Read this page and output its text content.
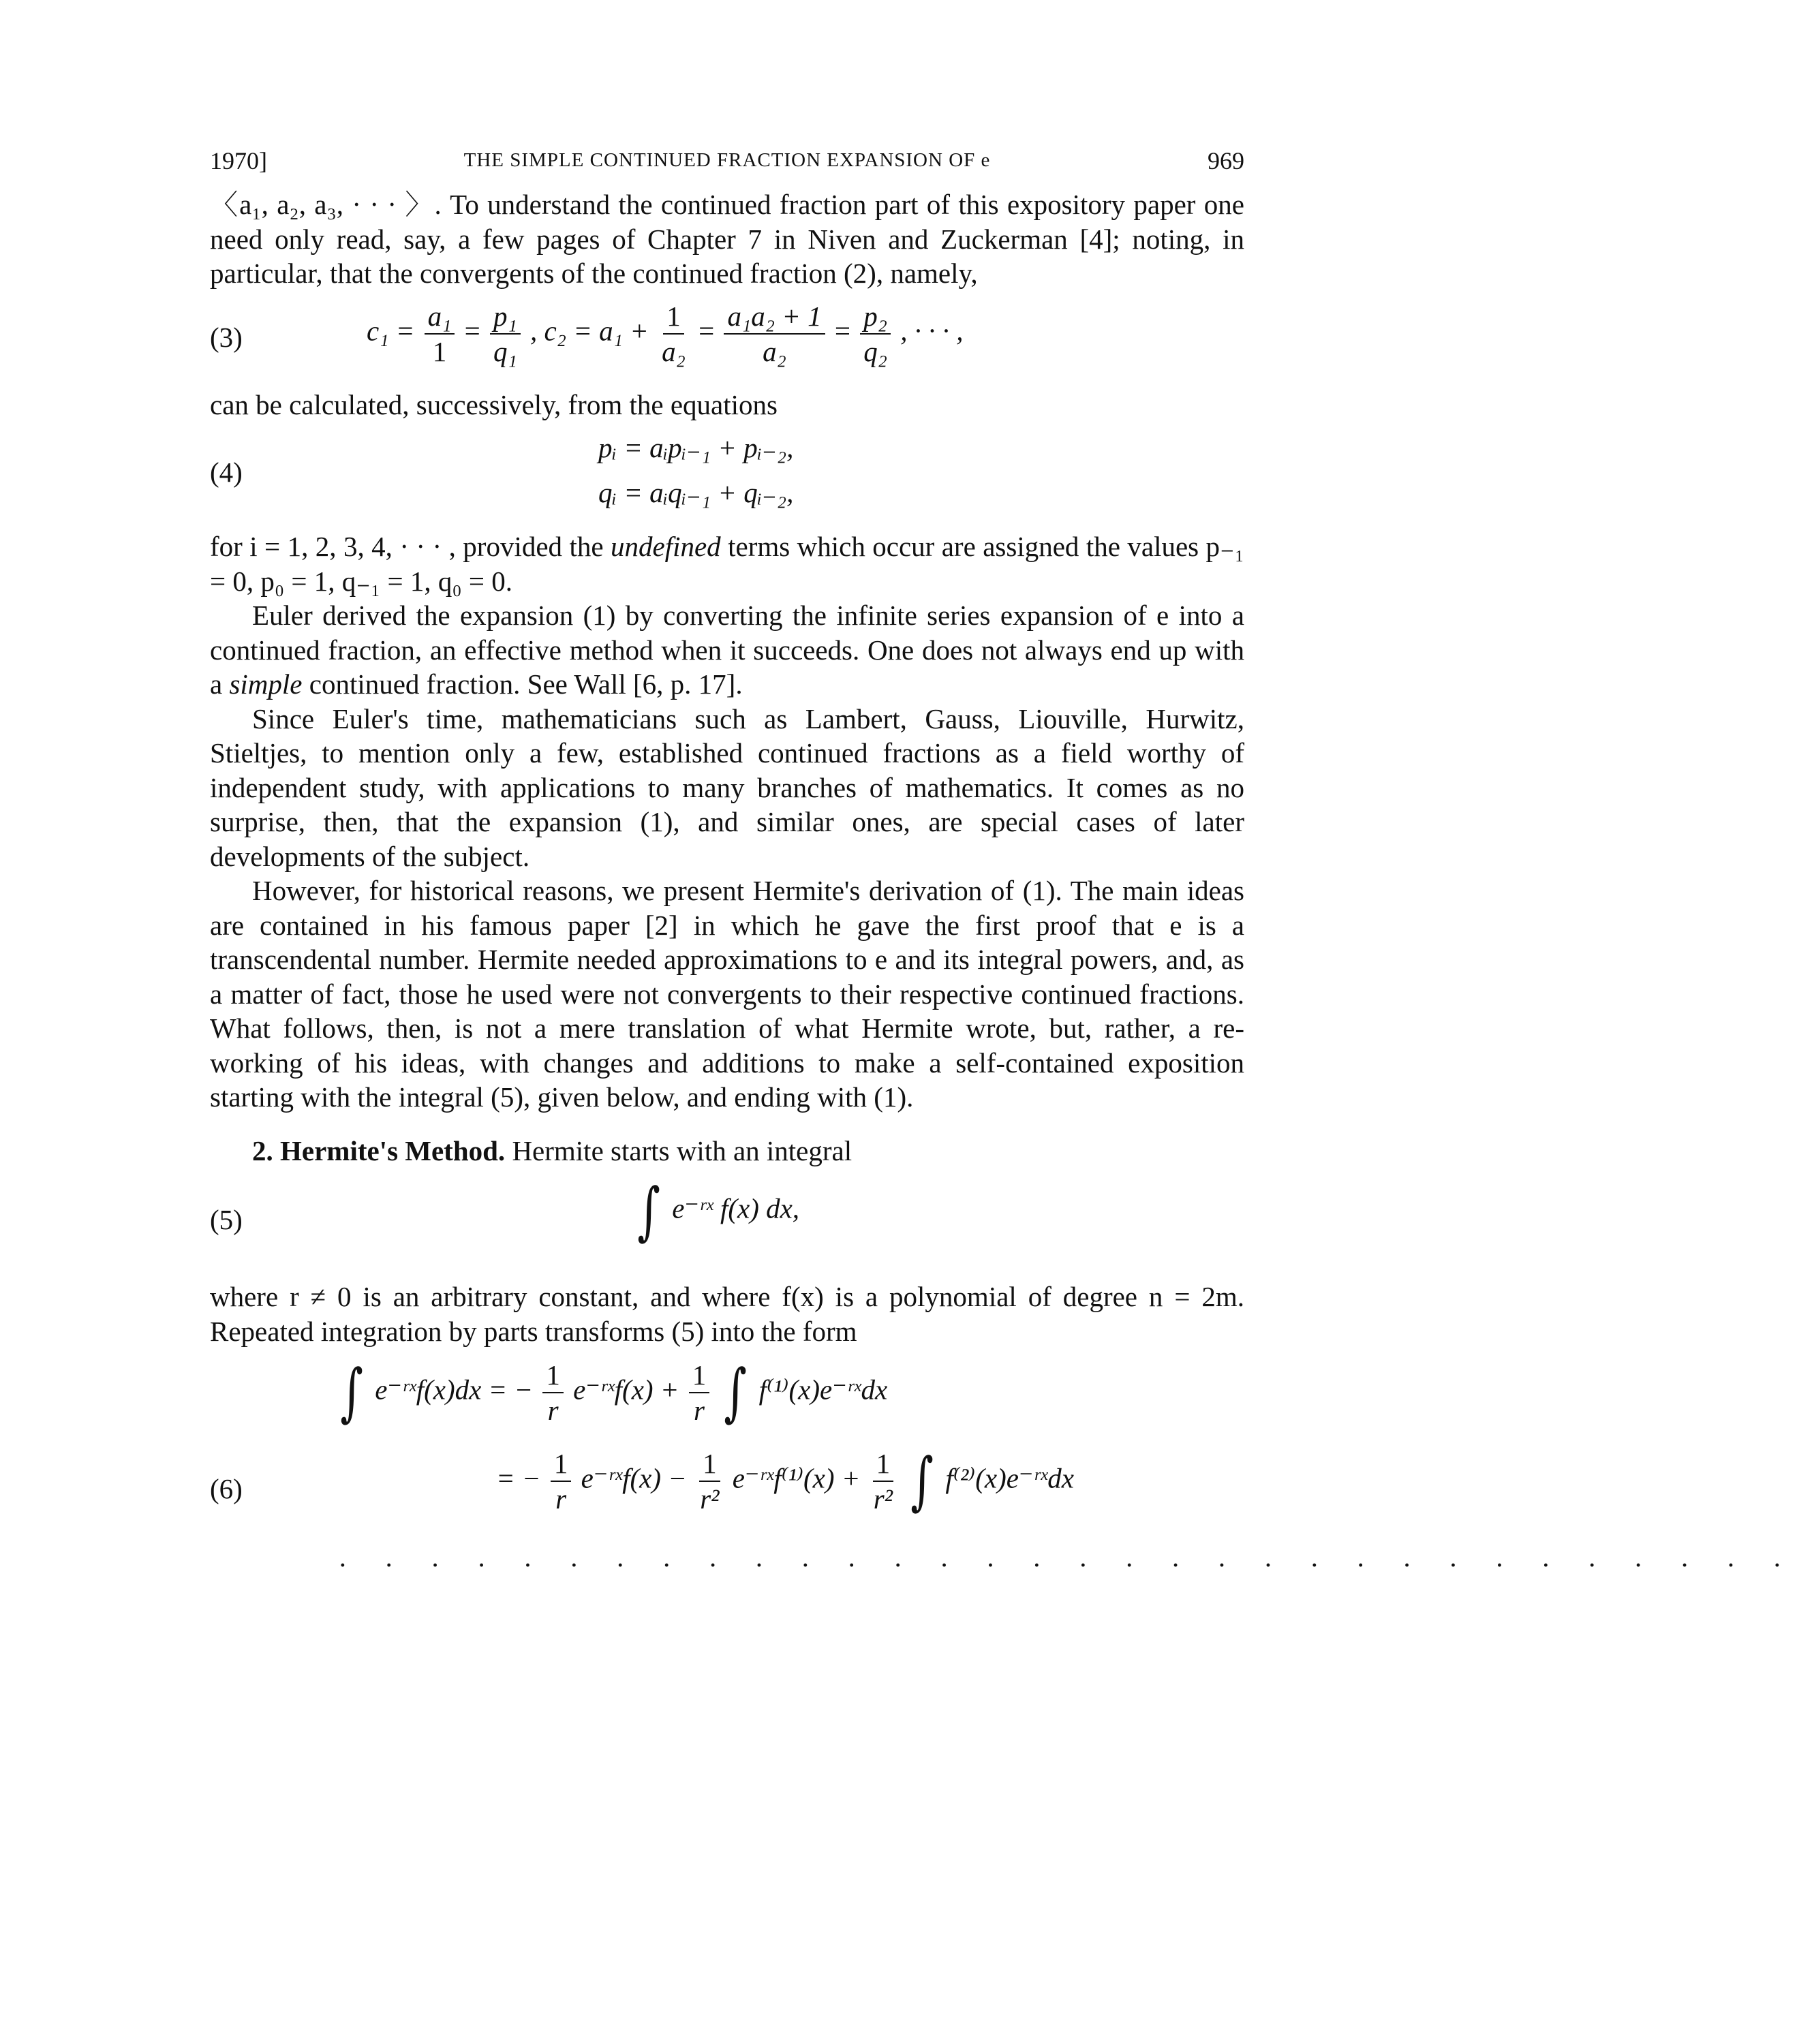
1970]	THE SIMPLE CONTINUED FRACTION EXPANSION OF e	969

〈a₁, a₂, a₃, · · · 〉. To understand the continued fraction part of this expository paper one need only read, say, a few pages of Chapter 7 in Niven and Zuckerman [4]; noting, in particular, that the convergents of the continued fraction (2), namely,

(3)	$c_1 = \frac{\text{a₁}}{1} = \frac{\text{p₁}}{\text{q₁}}$ , $c_2 = a_1 + \frac{1}{\text{a₂}} = \frac{\text{a₁a₂ + 1}}{\text{a₂}} = \frac{\text{p₂}}{\text{q₂}}$ , · · · ,

can be calculated, successively, from the equations

(4)
pᵢ = aᵢpᵢ₋₁ + pᵢ₋₂,
qᵢ = aᵢqᵢ₋₁ + qᵢ₋₂,

for i = 1, 2, 3, 4, · · · , provided the undefined terms which occur are assigned the values p₋₁ = 0, p₀ = 1, q₋₁ = 1, q₀ = 0.

Euler derived the expansion (1) by converting the infinite series expansion of e into a continued fraction, an effective method when it succeeds. One does not always end up with a simple continued fraction. See Wall [6, p. 17].

Since Euler's time, mathematicians such as Lambert, Gauss, Liouville, Hurwitz, Stieltjes, to mention only a few, established continued fractions as a field worthy of independent study, with applications to many branches of mathematics. It comes as no surprise, then, that the expansion (1), and similar ones, are special cases of later developments of the subject.

However, for historical reasons, we present Hermite's derivation of (1). The main ideas are contained in his famous paper [2] in which he gave the first proof that e is a transcendental number. Hermite needed approximations to e and its integral powers, and, as a matter of fact, those he used were not convergents to their respective continued fractions. What follows, then, is not a mere translation of what Hermite wrote, but, rather, a re-working of his ideas, with changes and additions to make a self-contained exposition starting with the integral (5), given below, and ending with (1).

2. Hermite's Method. Hermite starts with an integral

(5)	∫ e⁻ʳˣ f(x) dx,

where r ≠ 0 is an arbitrary constant, and where f(x) is a polynomial of degree n = 2m. Repeated integration by parts transforms (5) into the form

∫ e⁻ʳˣf(x)dx = − $\frac{1}{r}$ e⁻ʳˣf(x) + $\frac{1}{r}$ ∫ f⁽¹⁾(x)e⁻ʳˣdx
(6)	= − $\frac{1}{r}$ e⁻ʳˣf(x) − $\frac{1}{\text{r²}}$ e⁻ʳˣf⁽¹⁾(x) + $\frac{1}{\text{r²}}$ ∫ f⁽²⁾(x)e⁻ʳˣdx
· · · · · · · · · · · · · · · · · · · · · · · · · · · · · · · ·
